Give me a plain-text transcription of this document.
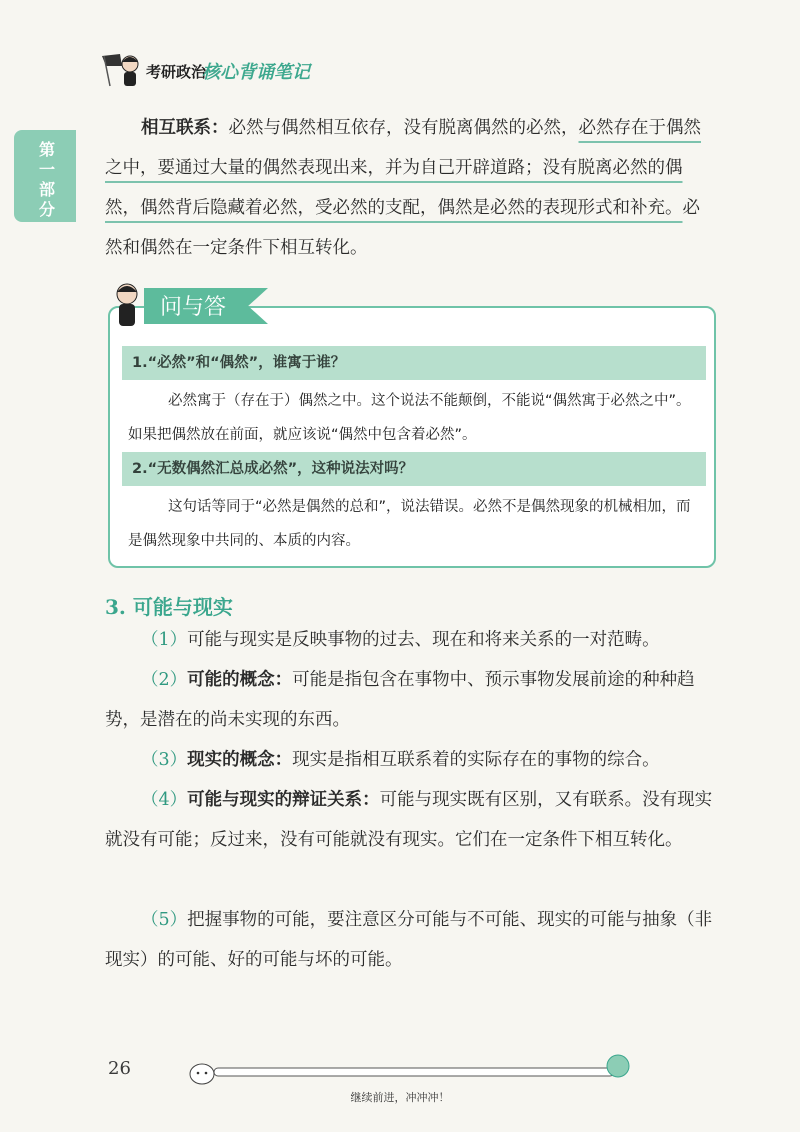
考研政治
核心背诵笔记
第一部分
相互联系：必然与偶然相互依存，没有脱离偶然的必然，必然存在于偶然之中，要通过大量的偶然表现出来，并为自己开辟道路；没有脱离必然的偶然，偶然背后隐藏着必然，受必然的支配，偶然是必然的表现形式和补充。必然和偶然在一定条件下相互转化。
1.“必然”和“偶然”，谁寓于谁？
必然寓于（存在于）偶然之中。这个说法不能颠倒，不能说“偶然寓于必然之中”。如果把偶然放在前面，就应该说“偶然中包含着必然”。
2.“无数偶然汇总成必然”，这种说法对吗？
这句话等同于“必然是偶然的总和”，说法错误。必然不是偶然现象的机械相加，而是偶然现象中共同的、本质的内容。
问与答
3. 可能与现实
（1）可能与现实是反映事物的过去、现在和将来关系的一对范畴。
（2）可能的概念：可能是指包含在事物中、预示事物发展前途的种种趋势，是潜在的尚未实现的东西。
（3）现实的概念：现实是指相互联系着的实际存在的事物的综合。
（4）可能与现实的辩证关系：可能与现实既有区别，又有联系。没有现实就没有可能；反过来，没有可能就没有现实。它们在一定条件下相互转化。
（5）把握事物的可能，要注意区分可能与不可能、现实的可能与抽象（非现实）的可能、好的可能与坏的可能。
26
继续前进，冲冲冲！
